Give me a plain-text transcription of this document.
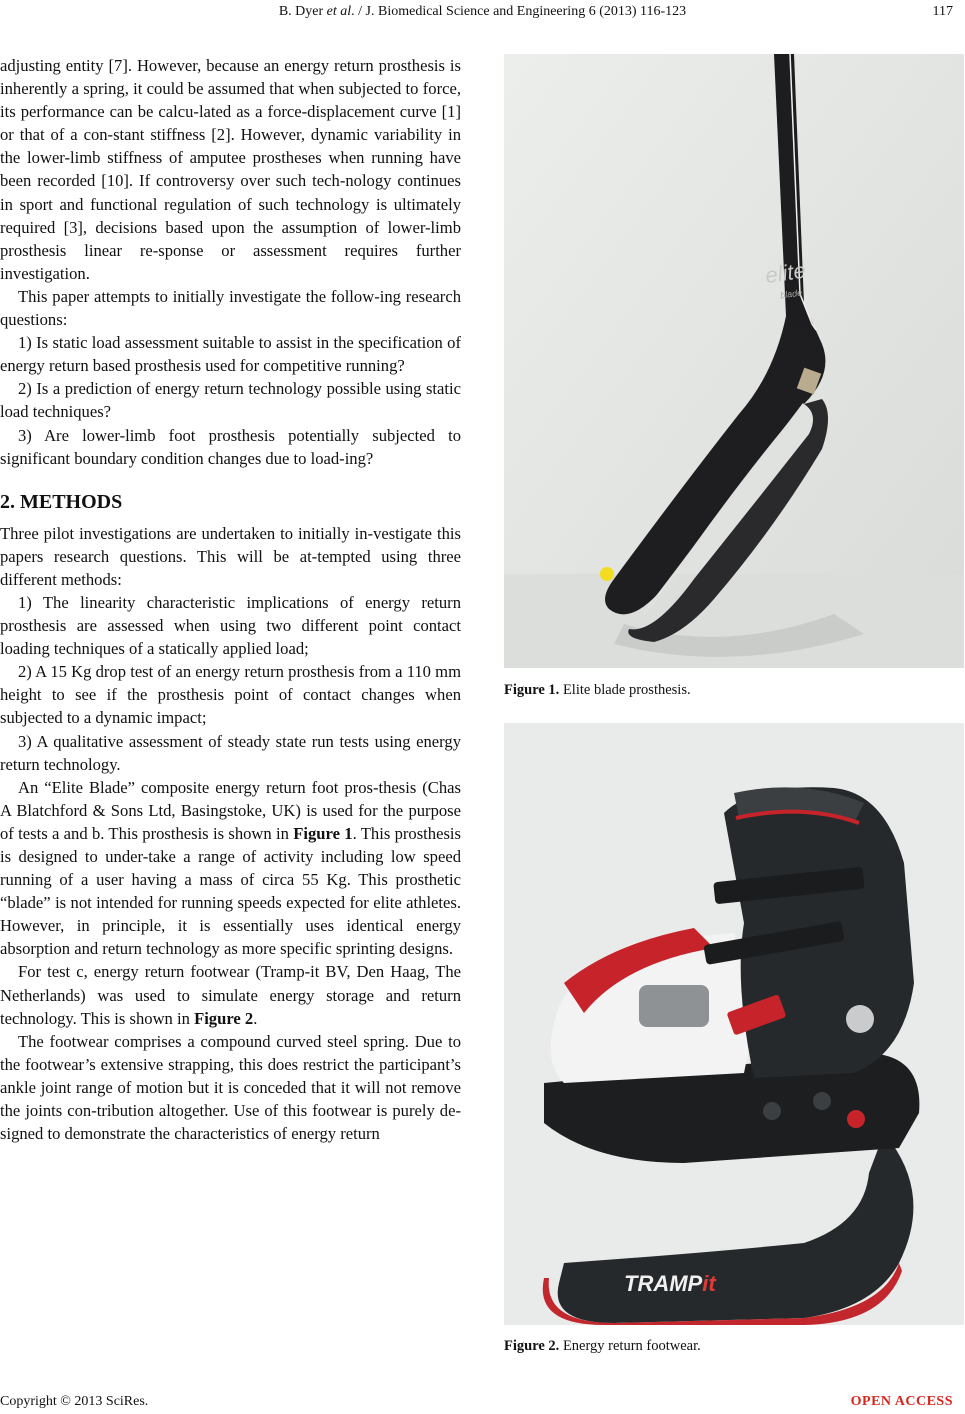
B. Dyer et al. / J. Biomedical Science and Engineering 6 (2013) 116-123	117

adjusting entity [7]. However, because an energy return prosthesis is inherently a spring, it could be assumed that when subjected to force, its performance can be calcu-lated as a force-displacement curve [1] or that of a con-stant stiffness [2]. However, dynamic variability in the lower-limb stiffness of amputee prostheses when running have been recorded [10]. If controversy over such tech-nology continues in sport and functional regulation of such technology is ultimately required [3], decisions based upon the assumption of lower-limb prosthesis linear re-sponse or assessment requires further investigation.

This paper attempts to initially investigate the follow-ing research questions:

1) Is static load assessment suitable to assist in the specification of energy return based prosthesis used for competitive running?

2) Is a prediction of energy return technology possible using static load techniques?

3) Are lower-limb foot prosthesis potentially subjected to significant boundary condition changes due to load-ing?

2. METHODS

Three pilot investigations are undertaken to initially in-vestigate this papers research questions. This will be at-tempted using three different methods:

1) The linearity characteristic implications of energy return prosthesis are assessed when using two different point contact loading techniques of a statically applied load;

2) A 15 Kg drop test of an energy return prosthesis from a 110 mm height to see if the prosthesis point of contact changes when subjected to a dynamic impact;

3) A qualitative assessment of steady state run tests using energy return technology.

An “Elite Blade” composite energy return foot pros-thesis (Chas A Blatchford & Sons Ltd, Basingstoke, UK) is used for the purpose of tests a and b. This prosthesis is shown in Figure 1. This prosthesis is designed to under-take a range of activity including low speed running of a user having a mass of circa 55 Kg. This prosthetic “blade” is not intended for running speeds expected for elite athletes. However, in principle, it is essentially uses identical energy absorption and return technology as more specific sprinting designs.

For test c, energy return footwear (Tramp-it BV, Den Haag, The Netherlands) was used to simulate energy storage and return technology. This is shown in Figure 2.

The footwear comprises a compound curved steel spring. Due to the footwear’s extensive strapping, this does restrict the participant’s ankle joint range of motion but it is conceded that it will not remove the joints con-tribution altogether. Use of this footwear is purely de-signed to demonstrate the characteristics of energy return

elite
blade
Figure 1. Elite blade prosthesis.
TRAMPit
Figure 2. Energy return footwear.
Copyright © 2013 SciRes.	OPEN ACCESS
